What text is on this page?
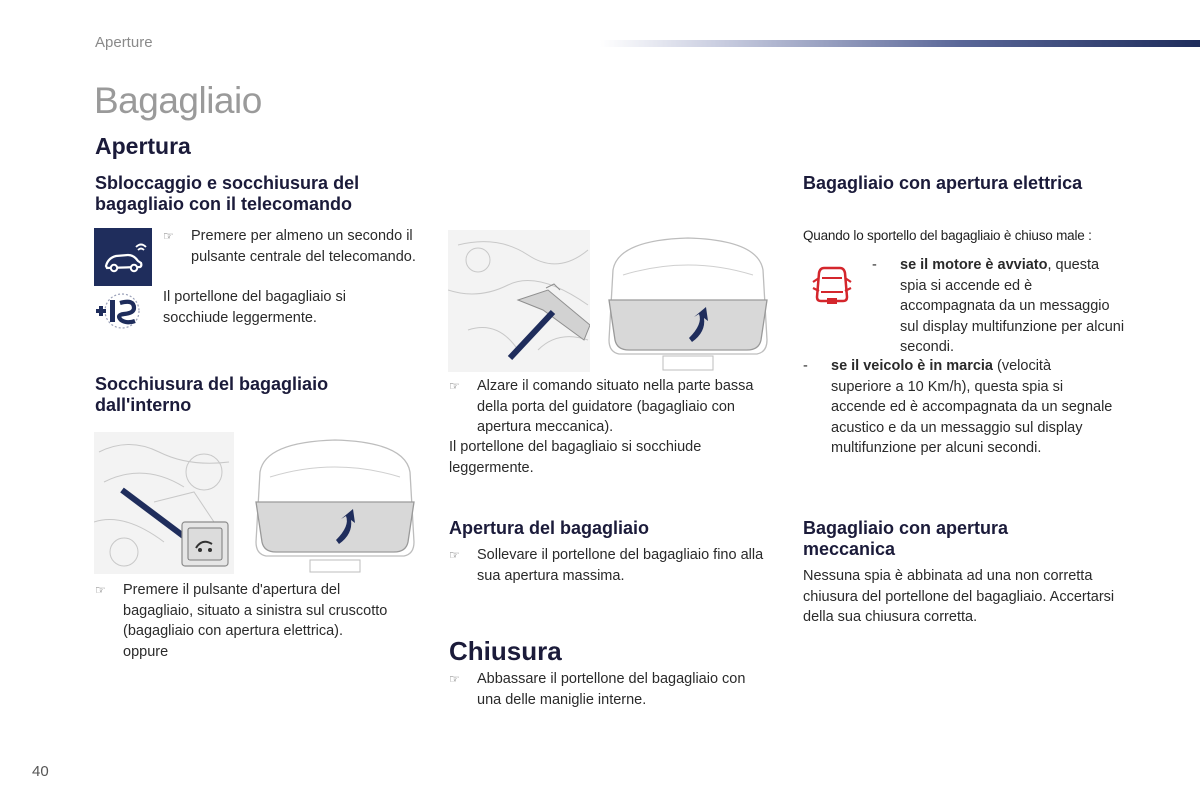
Aperture
Bagagliaio
Apertura
Sbloccaggio e socchiusura del bagagliaio con il telecomando
☞ Premere per almeno un secondo il pulsante centrale del telecomando.
Il portellone del bagagliaio si socchiude leggermente.
Socchiusura del bagagliaio dall'interno
☞ Premere il pulsante d'apertura del bagagliaio, situato a sinistra sul cruscotto (bagagliaio con apertura elettrica).
oppure
☞ Alzare il comando situato nella parte bassa della porta del guidatore (bagagliaio con apertura meccanica).
Il portellone del bagagliaio si socchiude leggermente.
Apertura del bagagliaio
☞ Sollevare il portellone del bagagliaio fino alla sua apertura massima.
Chiusura
☞ Abbassare il portellone del bagagliaio con una delle maniglie interne.
Bagagliaio con apertura elettrica
Quando lo sportello del bagagliaio è chiuso male :
- se il motore è avviato, questa spia si accende ed è accompagnata da un messaggio sul display multifunzione per alcuni secondi.
- se il veicolo è in marcia (velocità superiore a 10 Km/h), questa spia si accende ed è accompagnata da un segnale acustico e da un messaggio sul display multifunzione per alcuni secondi.
Bagagliaio con apertura meccanica
Nessuna spia è abbinata ad una non corretta chiusura del portellone del bagagliaio. Accertarsi della sua chiusura corretta.
40
